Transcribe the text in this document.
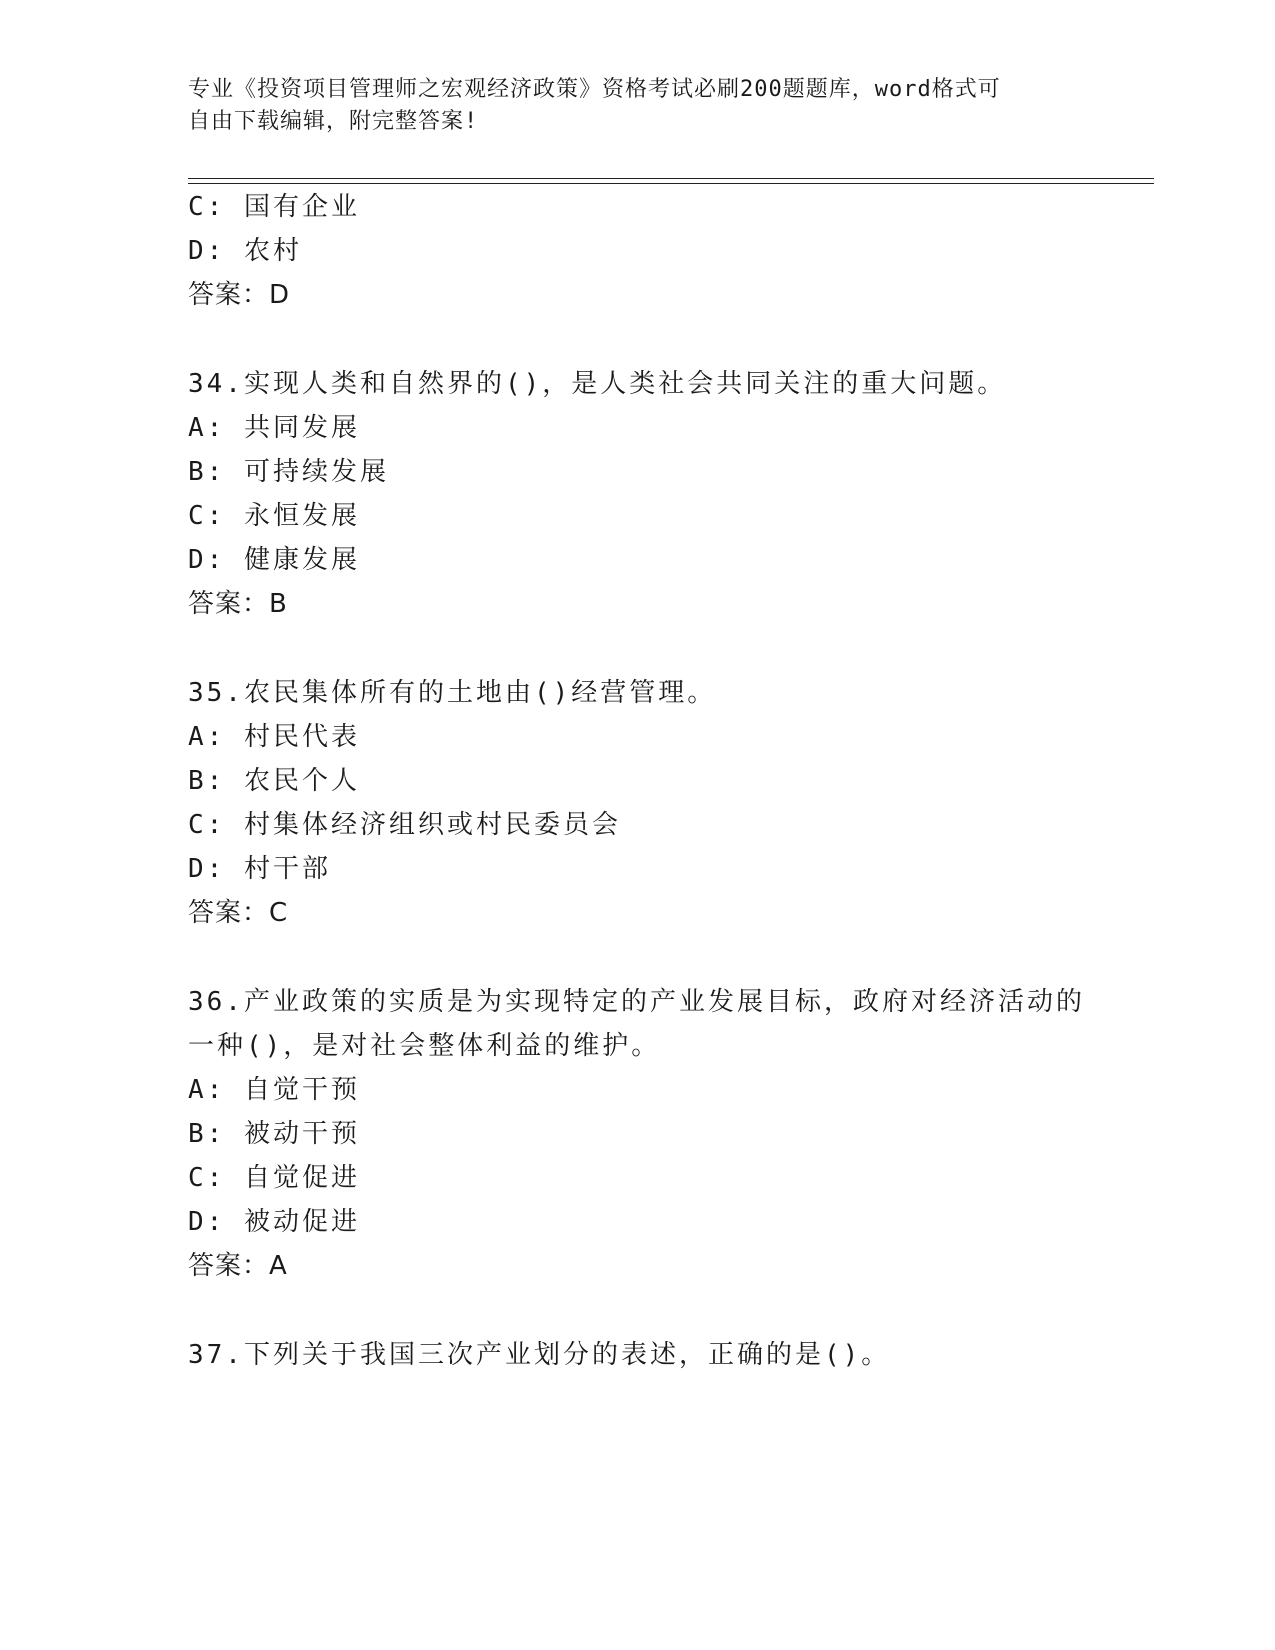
专业《投资项目管理师之宏观经济政策》资格考试必刷200题题库，word格式可
自由下载编辑，附完整答案!
C: 国有企业
D: 农村
答案：D
34.实现人类和自然界的()，是人类社会共同关注的重大问题。
A: 共同发展
B: 可持续发展
C: 永恒发展
D: 健康发展
答案：B
35.农民集体所有的土地由()经营管理。
A: 村民代表
B: 农民个人
C: 村集体经济组织或村民委员会
D: 村干部
答案：C
36.产业政策的实质是为实现特定的产业发展目标，政府对经济活动的
一种()，是对社会整体利益的维护。
A: 自觉干预
B: 被动干预
C: 自觉促进
D: 被动促进
答案：A
37.下列关于我国三次产业划分的表述，正确的是()。
